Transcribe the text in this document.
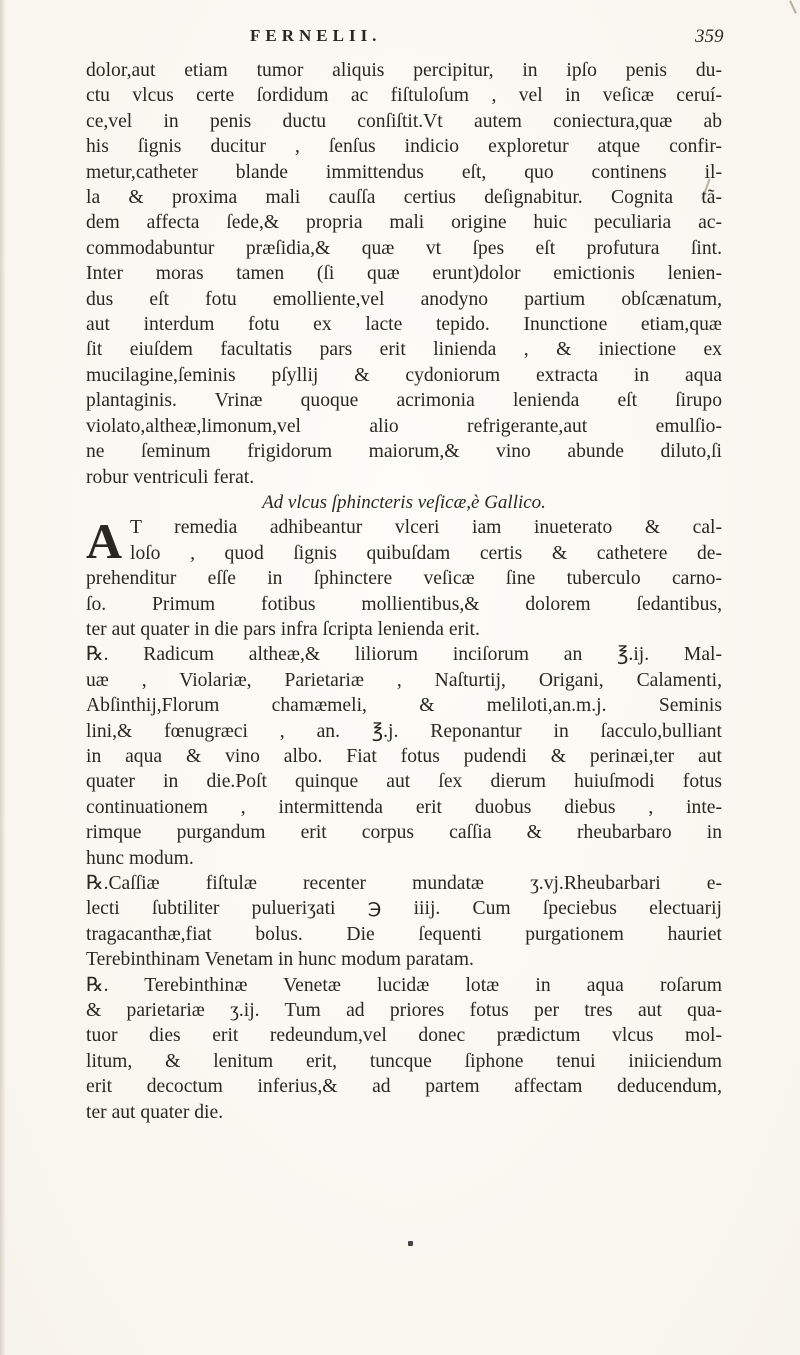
FERNELII.	359
dolor,aut etiam tumor aliquis percipitur, in ipſo penis du-
ctu vlcus certe ſordidum ac fiſtuloſum , vel in veſicæ ceruí-
ce,vel in penis ductu conſiſtit.Vt autem coniectura,quæ ab
his ſignis ducitur , ſenſus indicio exploretur atque confir-
metur,catheter blande immittendus eſt, quo continens il-
la & proxima mali cauſſa certius deſignabitur. Cognita tã-
dem affecta ſede,& propria mali origine huic peculiaria ac-
commodabuntur præſidia,& quæ vt ſpes eſt profutura ſint.
Inter moras tamen (ſi quæ erunt)dolor emictionis lenien-
dus eſt fotu emolliente,vel anodyno partium obſcænatum,
aut interdum fotu ex lacte tepido. Inunctione etiam,quæ
ſit eiuſdem facultatis pars erit linienda , & iniectione ex
mucilagine,ſeminis pſyllij & cydoniorum extracta in aqua
plantaginis. Vrinæ quoque acrimonia lenienda eſt ſirupo
violato,altheæ,limonum,vel alio refrigerante,aut emulſio-
ne ſeminum frigidorum maiorum,& vino abunde diluto,ſi
robur ventriculi ferat.
Ad vlcus ſphincteris veſicæ,è Gallico.
A T remedia adhibeantur vlceri iam inueterato & cal-
loſo , quod ſignis quibuſdam certis & cathetere de-
prehenditur eſſe in ſphinctere veſicæ ſine tuberculo carno-
ſo. Primum fotibus mollientibus,& dolorem ſedantibus,
ter aut quater in die pars infra ſcripta lenienda erit.
℞. Radicum altheæ,& liliorum inciſorum an ℥.ij. Mal-
uæ , Violariæ, Parietariæ , Naſturtij, Origani, Calamenti,
Abſinthij,Florum chamæmeli, & meliloti,an.m.j. Seminis
lini,& fœnugræci , an. ℥.j. Reponantur in ſacculo,bulliant
in aqua & vino albo. Fiat fotus pudendi & perinæi,ter aut
quater in die.Poſt quinque aut ſex dierum huiuſmodi fotus
continuationem , intermittenda erit duobus diebus , inte-
rimque purgandum erit corpus caſſia & rheubarbaro in
hunc modum.
℞.Caſſiæ fiſtulæ recenter mundatæ ʒ.vj.Rheubarbari e-
lecti ſubtiliter pulueriʒati ℈ iiij. Cum ſpeciebus electuarij
tragacanthæ,fiat bolus. Die ſequenti purgationem hauriet
Terebinthinam Venetam in hunc modum paratam.
℞. Terebinthinæ Venetæ lucidæ lotæ in aqua roſarum
& parietariæ ʒ.ij. Tum ad priores fotus per tres aut qua-
tuor dies erit redeundum,vel donec prædictum vlcus mol-
litum, & lenitum erit, tuncque ſiphone tenui iniiciendum
erit decoctum inferius,& ad partem affectam deducendum,
ter aut quater die.
